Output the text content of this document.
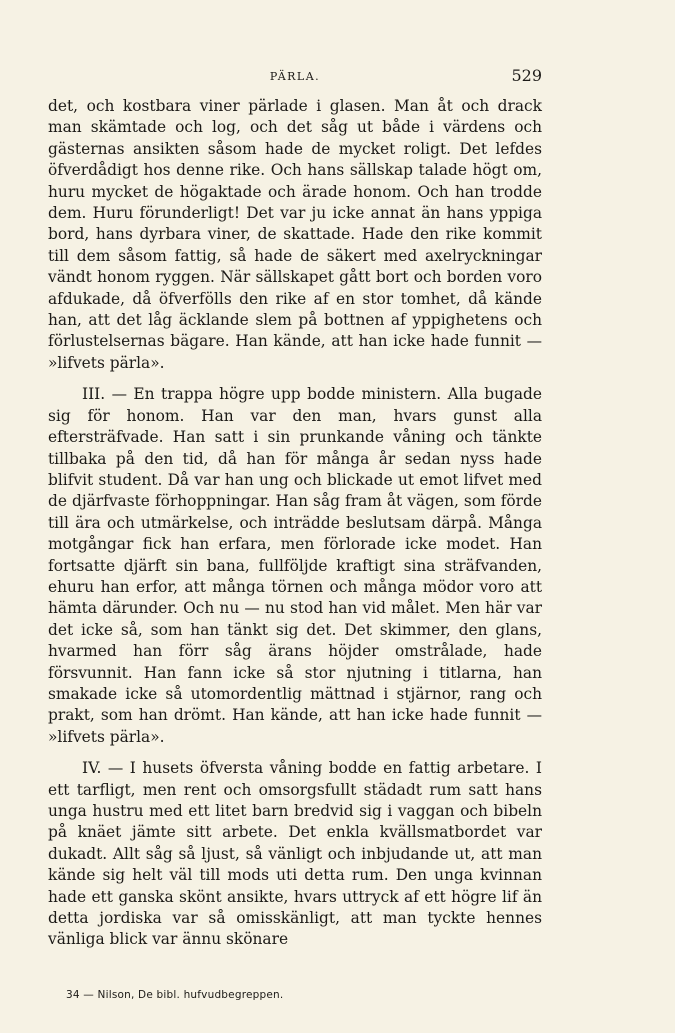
PÄRLA.	529

det, och kostbara viner pärlade i glasen. Man åt och drack man skämtade och log, och det såg ut både i värdens och gästernas ansikten såsom hade de mycket roligt. Det lefdes öfverdådigt hos denne rike. Och hans sällskap talade högt om, huru mycket de högaktade och ärade honom. Och han trodde dem. Huru förunderligt! Det var ju icke annat än hans yppiga bord, hans dyrbara viner, de skattade. Hade den rike kommit till dem såsom fattig, så hade de säkert med axelryckningar vändt honom ryggen. När sällskapet gått bort och borden voro afdukade, då öfverfölls den rike af en stor tomhet, då kände han, att det låg äcklande slem på bottnen af yppighetens och förlustelsernas bägare. Han kände, att han icke hade funnit — »lifvets pärla».

III. — En trappa högre upp bodde ministern. Alla bugade sig för honom. Han var den man, hvars gunst alla eftersträfvade. Han satt i sin prunkande våning och tänkte tillbaka på den tid, då han för många år sedan nyss hade blifvit student. Då var han ung och blickade ut emot lifvet med de djärfvaste förhoppningar. Han såg fram åt vägen, som förde till ära och utmärkelse, och inträdde beslutsam därpå. Många motgångar fick han erfara, men förlorade icke modet. Han fortsatte djärft sin bana, fullföljde kraftigt sina sträfvanden, ehuru han erfor, att många törnen och många mödor voro att hämta därunder. Och nu — nu stod han vid målet. Men här var det icke så, som han tänkt sig det. Det skimmer, den glans, hvarmed han förr såg ärans höjder omstrålade, hade försvunnit. Han fann icke så stor njutning i titlarna, han smakade icke så utomordentlig mättnad i stjärnor, rang och prakt, som han drömt. Han kände, att han icke hade funnit — »lifvets pärla».

IV. — I husets öfversta våning bodde en fattig arbetare. I ett tarfligt, men rent och omsorgsfullt städadt rum satt hans unga hustru med ett litet barn bredvid sig i vaggan och bibeln på knäet jämte sitt arbete. Det enkla kvällsmatbordet var dukadt. Allt såg så ljust, så vänligt och inbjudande ut, att man kände sig helt väl till mods uti detta rum. Den unga kvinnan hade ett ganska skönt ansikte, hvars uttryck af ett högre lif än detta jordiska var så omisskänligt, att man tyckte hennes vänliga blick var ännu skönare

34 — Nilson, De bibl. hufvudbegreppen.
